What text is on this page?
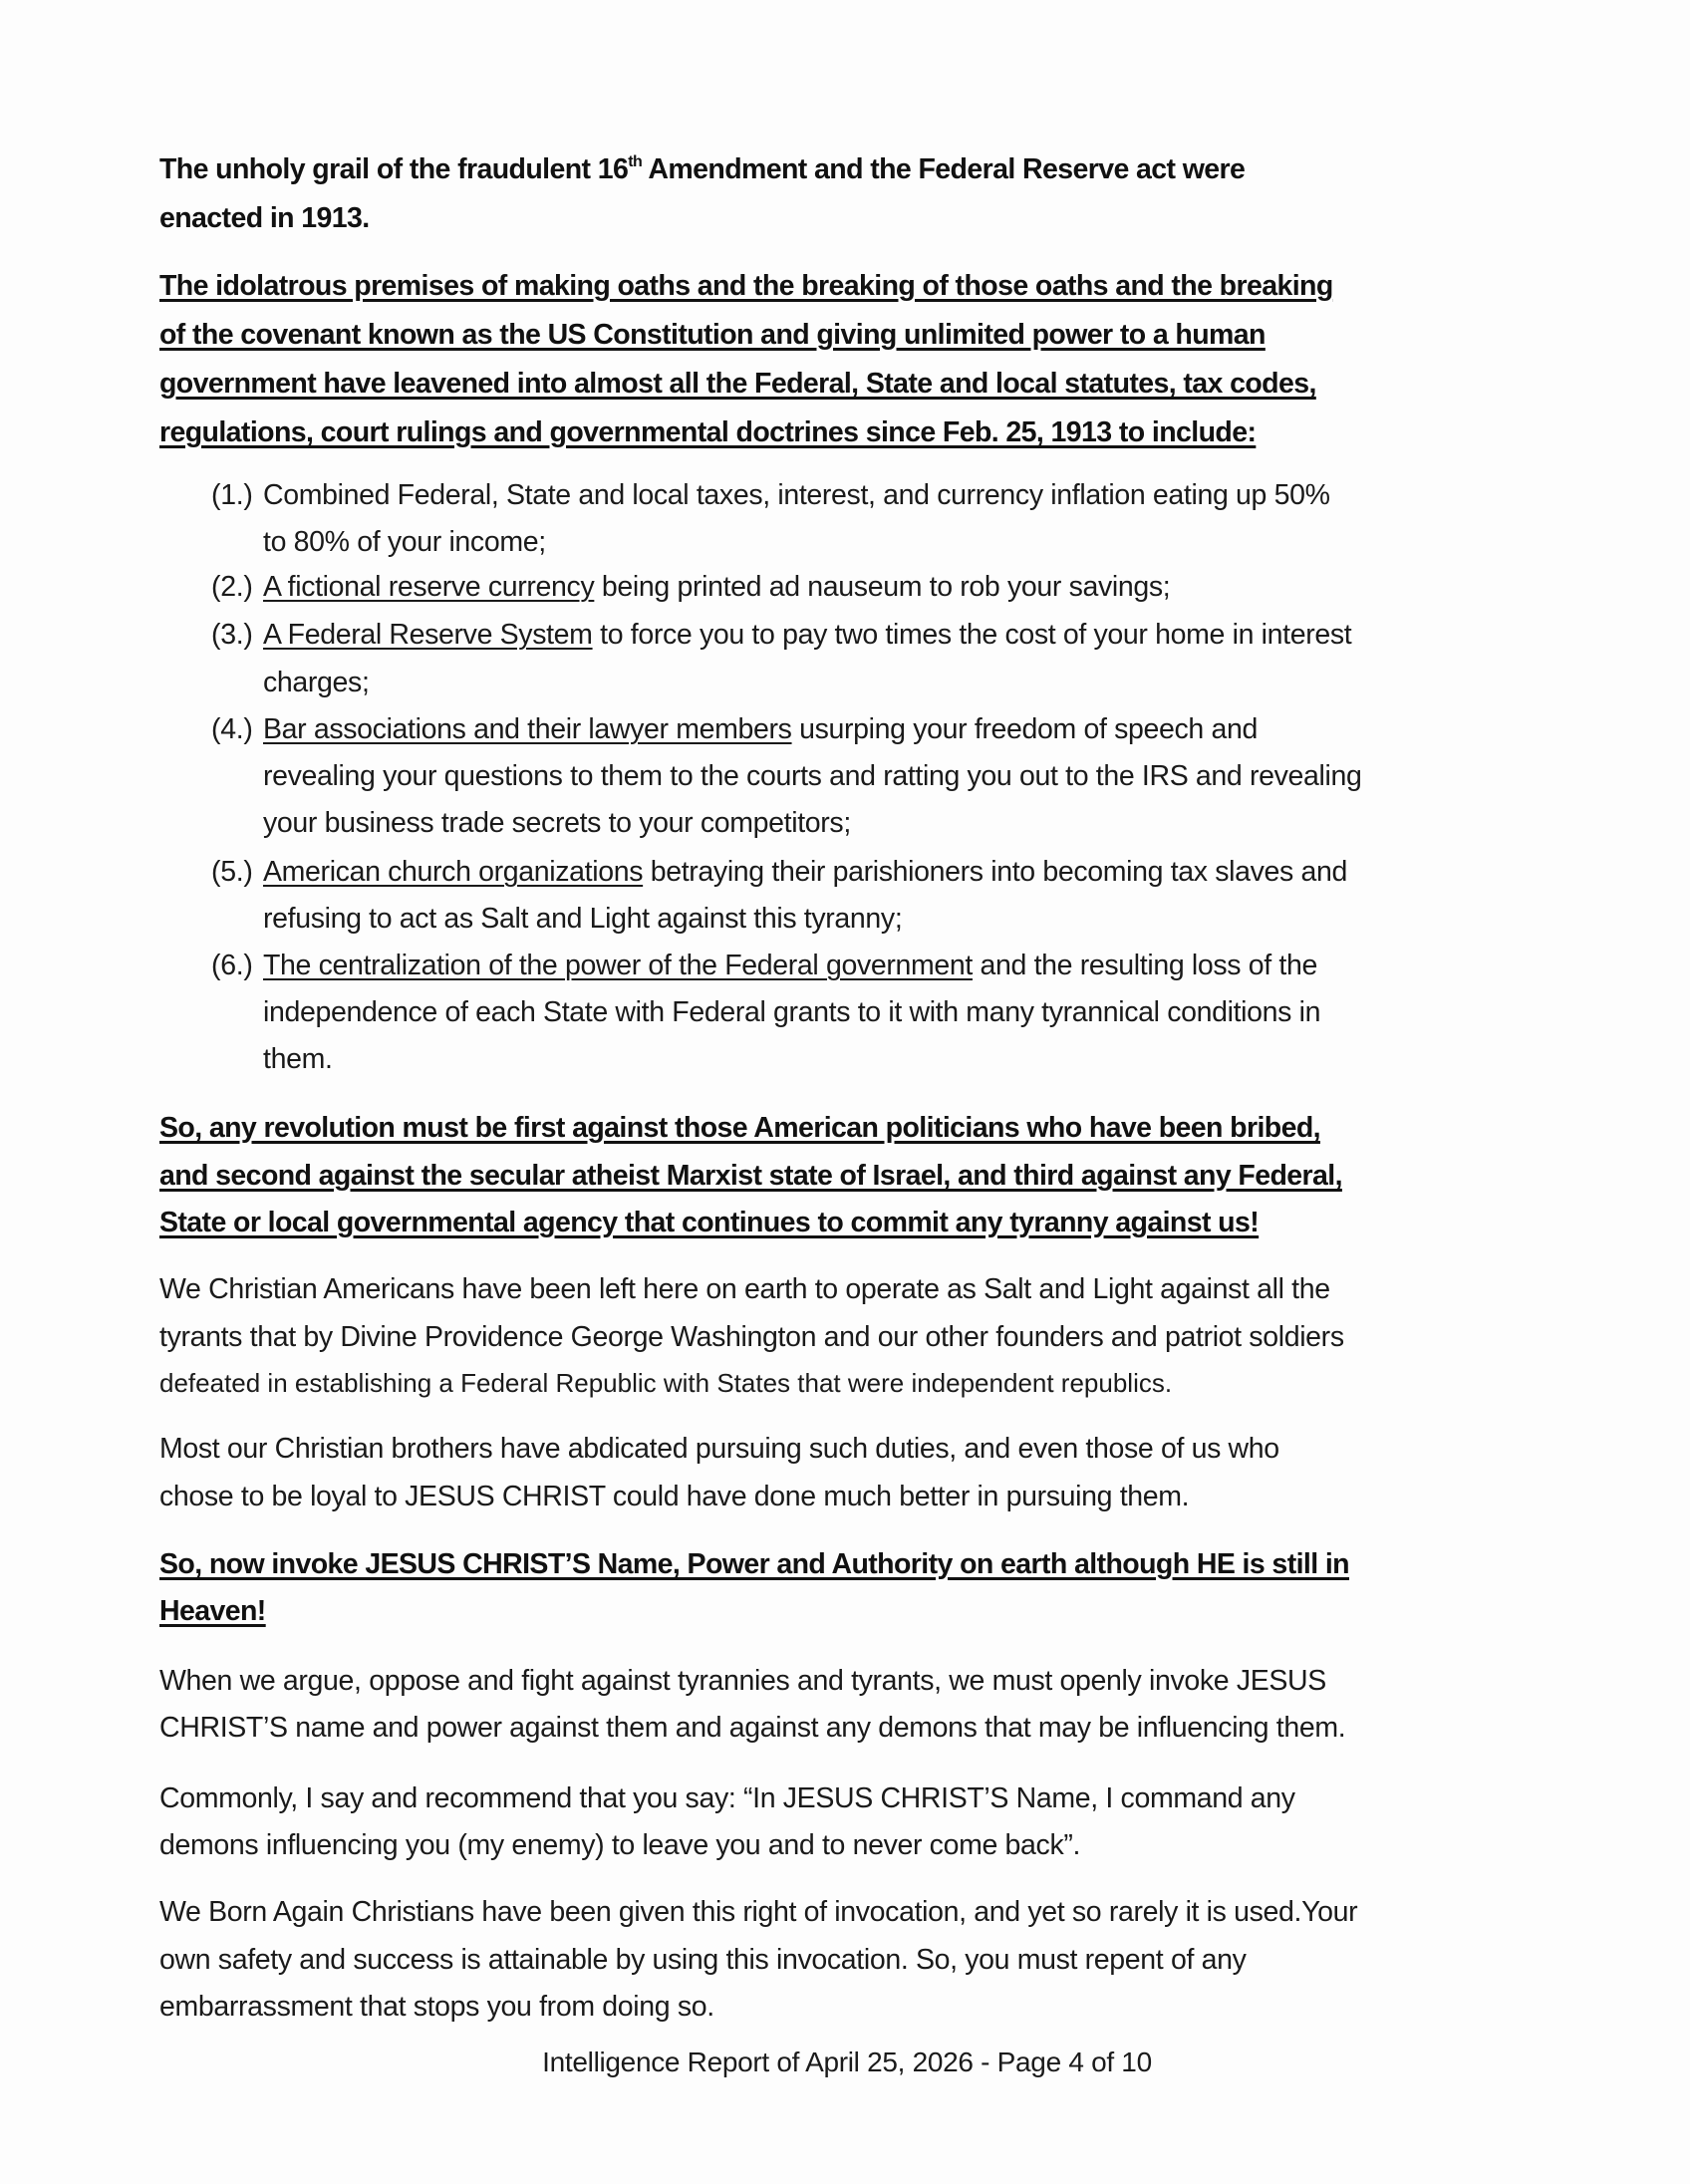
The unholy grail of the fraudulent 16th Amendment and the Federal Reserve act were
enacted in 1913.
The idolatrous premises of making oaths and the breaking of those oaths and the breaking
of the covenant known as the US Constitution and giving unlimited power to a human
government have leavened into almost all the Federal, State and local statutes, tax codes,
regulations, court rulings and governmental doctrines since Feb. 25, 1913 to include:
(1.) Combined Federal, State and local taxes, interest, and currency inflation eating up 50%
to 80% of your income;
(2.) A fictional reserve currency being printed ad nauseum to rob your savings;
(3.) A Federal Reserve System to force you to pay two times the cost of your home in interest
charges;
(4.) Bar associations and their lawyer members usurping your freedom of speech and
revealing your questions to them to the courts and ratting you out to the IRS and revealing
your business trade secrets to your competitors;
(5.) American church organizations betraying their parishioners into becoming tax slaves and
refusing to act as Salt and Light against this tyranny;
(6.) The centralization of the power of the Federal government and the resulting loss of the
independence of each State with Federal grants to it with many tyrannical conditions in
them.
So, any revolution must be first against those American politicians who have been bribed,
and second against the secular atheist Marxist state of Israel, and third against any Federal,
State or local governmental agency that continues to commit any tyranny against us!
We Christian Americans have been left here on earth to operate as Salt and Light against all the
tyrants that by Divine Providence George Washington and our other founders and patriot soldiers
defeated in establishing a Federal Republic with States that were independent republics.
Most our Christian brothers have abdicated pursuing such duties, and even those of us who
chose to be loyal to JESUS CHRIST could have done much better in pursuing them.
So, now invoke JESUS CHRIST’S Name, Power and Authority on earth although HE is still in
Heaven!
When we argue, oppose and fight against tyrannies and tyrants, we must openly invoke JESUS
CHRIST’S name and power against them and against any demons that may be influencing them.
Commonly, I say and recommend that you say: “In JESUS CHRIST’S Name, I command any
demons influencing you (my enemy) to leave you and to never come back”.
We Born Again Christians have been given this right of invocation, and yet so rarely it is used.Your
own safety and success is attainable by using this invocation. So, you must repent of any
embarrassment that stops you from doing so.
Intelligence Report of April 25, 2026 - Page 4 of 10
